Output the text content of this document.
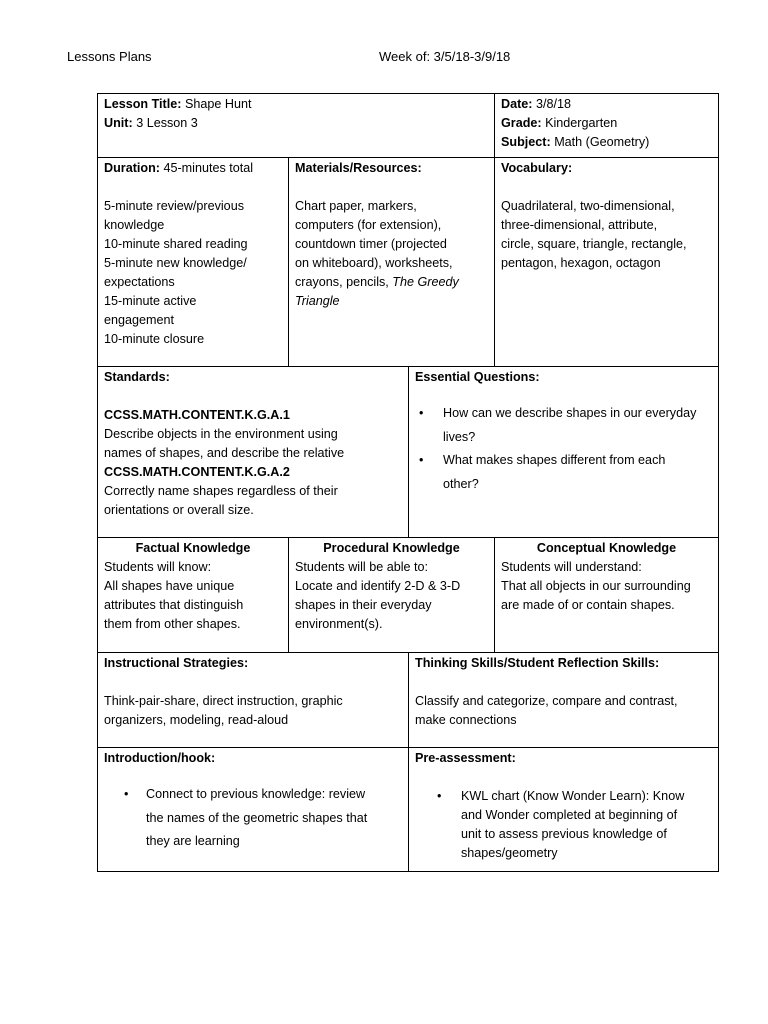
Lessons Plans	Week of: 3/5/18-3/9/18
Lesson Title: Shape Hunt
Unit: 3 Lesson 3
Date: 3/8/18
Grade: Kindergarten
Subject: Math (Geometry)
Duration: 45-minutes total
5-minute review/previous
knowledge
10-minute shared reading
5-minute new knowledge/
expectations
15-minute active
engagement
10-minute closure
Materials/Resources:
Chart paper, markers,
computers (for extension),
countdown timer (projected
on whiteboard), worksheets,
crayons, pencils, The Greedy
Triangle
Vocabulary:
Quadrilateral, two-dimensional,
three-dimensional, attribute,
circle, square, triangle, rectangle,
pentagon, hexagon, octagon
Standards:
CCSS.MATH.CONTENT.K.G.A.1
Describe objects in the environment using
names of shapes, and describe the relative
CCSS.MATH.CONTENT.K.G.A.2
Correctly name shapes regardless of their
orientations or overall size.
Essential Questions:
• How can we describe shapes in our everyday
lives?
• What makes shapes different from each
other?
Factual Knowledge
Students will know:
All shapes have unique
attributes that distinguish
them from other shapes.
Procedural Knowledge
Students will be able to:
Locate and identify 2-D & 3-D
shapes in their everyday
environment(s).
Conceptual Knowledge
Students will understand:
That all objects in our surrounding
are made of or contain shapes.
Instructional Strategies:
Think-pair-share, direct instruction, graphic
organizers, modeling, read-aloud
Thinking Skills/Student Reflection Skills:
Classify and categorize, compare and contrast,
make connections
Introduction/hook:
• Connect to previous knowledge: review
the names of the geometric shapes that
they are learning
Pre-assessment:
• KWL chart (Know Wonder Learn): Know
and Wonder completed at beginning of
unit to assess previous knowledge of
shapes/geometry
